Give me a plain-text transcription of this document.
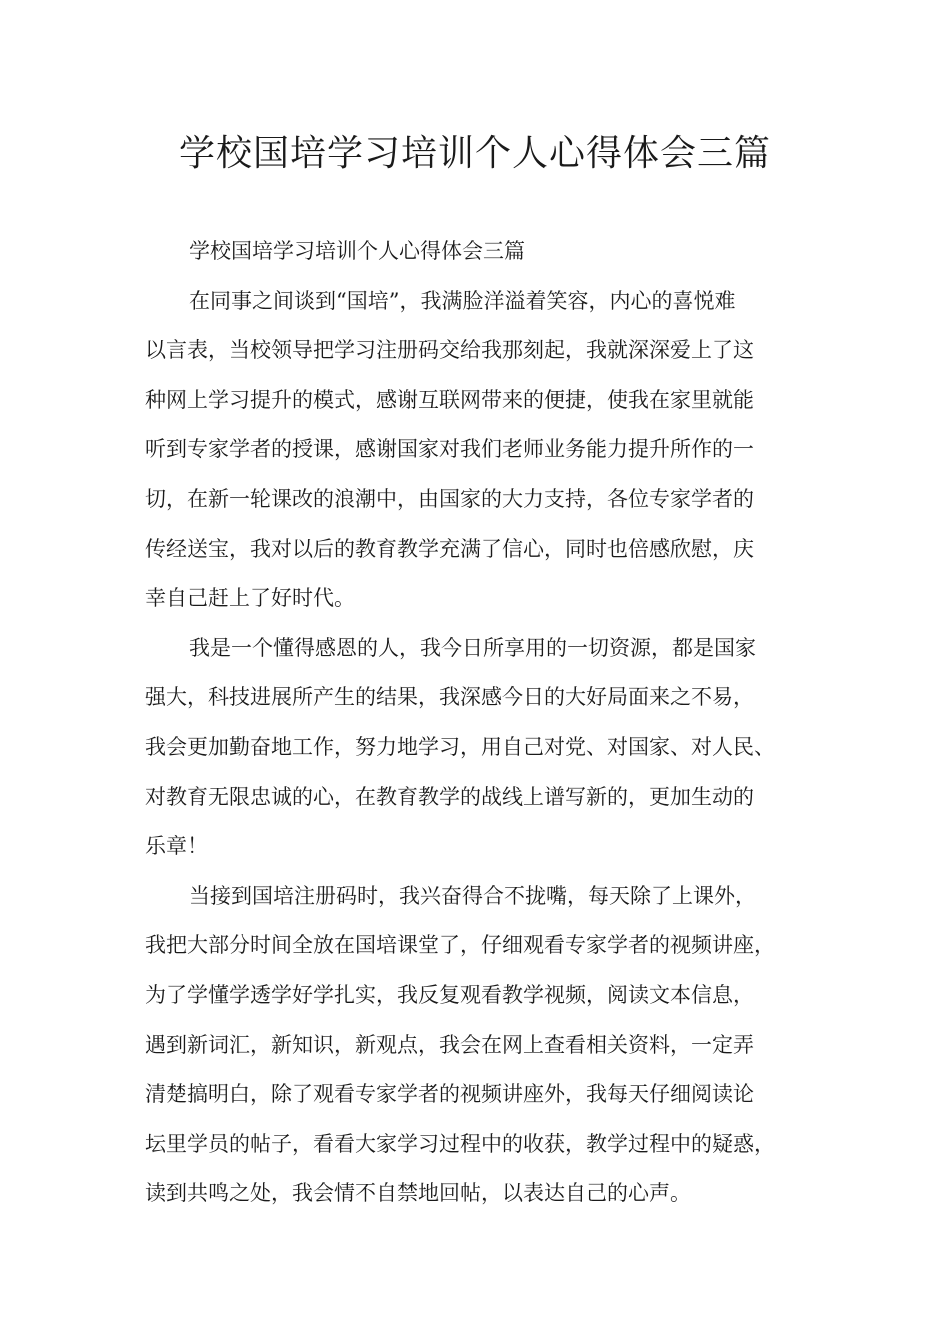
学校国培学习培训个人心得体会三篇
学校国培学习培训个人心得体会三篇
在同事之间谈到“国培”，我满脸洋溢着笑容，内心的喜悦难
以言表，当校领导把学习注册码交给我那刻起，我就深深爱上了这
种网上学习提升的模式，感谢互联网带来的便捷，使我在家里就能
听到专家学者的授课，感谢国家对我们老师业务能力提升所作的一
切，在新一轮课改的浪潮中，由国家的大力支持，各位专家学者的
传经送宝，我对以后的教育教学充满了信心，同时也倍感欣慰，庆
幸自己赶上了好时代。
我是一个懂得感恩的人，我今日所享用的一切资源，都是国家
强大，科技进展所产生的结果，我深感今日的大好局面来之不易，
我会更加勤奋地工作，努力地学习，用自己对党、对国家、对人民、
对教育无限忠诚的心，在教育教学的战线上谱写新的，更加生动的
乐章！
当接到国培注册码时，我兴奋得合不拢嘴，每天除了上课外，
我把大部分时间全放在国培课堂了，仔细观看专家学者的视频讲座，
为了学懂学透学好学扎实，我反复观看教学视频，阅读文本信息，
遇到新词汇，新知识，新观点，我会在网上查看相关资料，一定弄
清楚搞明白，除了观看专家学者的视频讲座外，我每天仔细阅读论
坛里学员的帖子，看看大家学习过程中的收获，教学过程中的疑惑，
读到共鸣之处，我会情不自禁地回帖，以表达自己的心声。
